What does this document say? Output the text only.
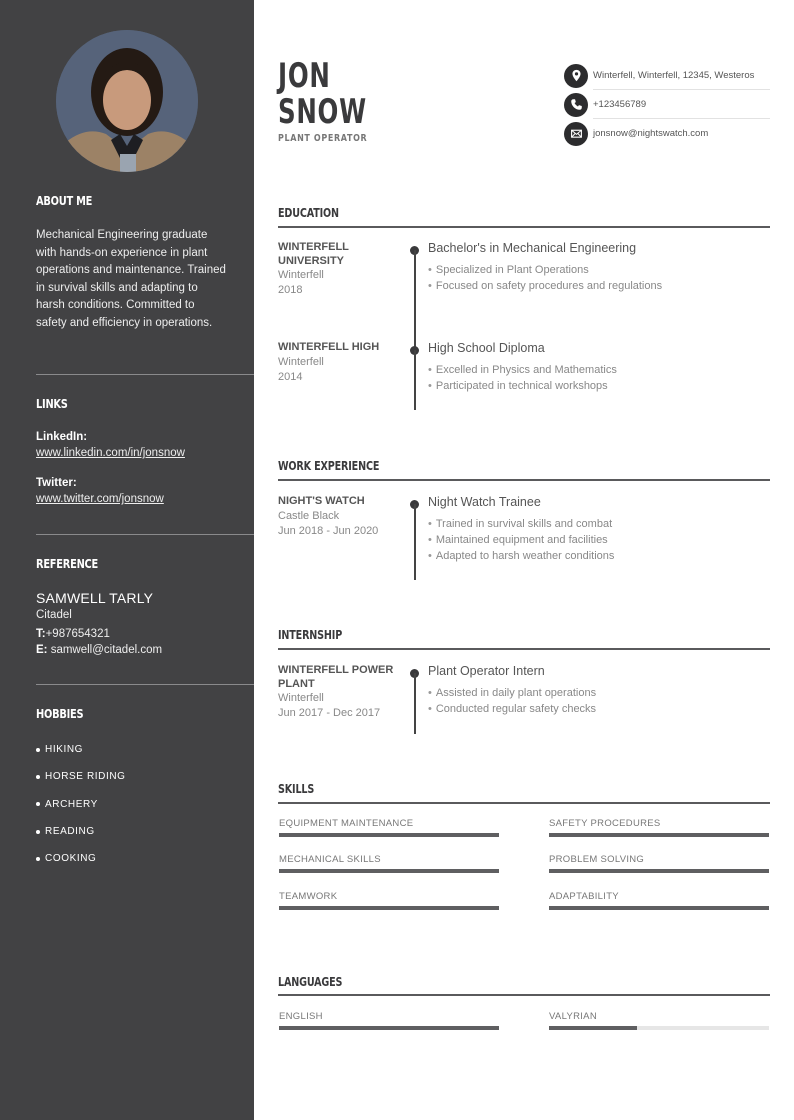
ABOUT ME

Mechanical Engineering graduate with hands-on experience in plant operations and maintenance. Trained in survival skills and adapting to harsh conditions. Committed to safety and efficiency in operations.

LINKS
LinkedIn:
www.linkedin.com/in/jonsnow
Twitter:
www.twitter.com/jonsnow
REFERENCE
SAMWELL TARLY
Citadel
T:+987654321
E: samwell@citadel.com
HOBBIES
HIKING
HORSE RIDING
ARCHERY
READING
COOKING
JON
SNOW
PLANT OPERATOR
Winterfell, Winterfell, 12345, Westeros
+123456789
jonsnow@nightswatch.com
EDUCATION
WINTERFELL
UNIVERSITY
Winterfell
2018
Bachelor's in Mechanical Engineering
• Specialized in Plant Operations
• Focused on safety procedures and regulations
WINTERFELL HIGH
Winterfell
2014
High School Diploma
• Excelled in Physics and Mathematics
• Participated in technical workshops
WORK EXPERIENCE
NIGHT'S WATCH
Castle Black
Jun 2018 - Jun 2020
Night Watch Trainee
• Trained in survival skills and combat
• Maintained equipment and facilities
• Adapted to harsh weather conditions
INTERNSHIP
WINTERFELL POWER
PLANT
Winterfell
Jun 2017 - Dec 2017
Plant Operator Intern
• Assisted in daily plant operations
• Conducted regular safety checks
SKILLS
EQUIPMENT MAINTENANCE	SAFETY PROCEDURES
MECHANICAL SKILLS	PROBLEM SOLVING
TEAMWORK	ADAPTABILITY
LANGUAGES
ENGLISH	VALYRIAN
